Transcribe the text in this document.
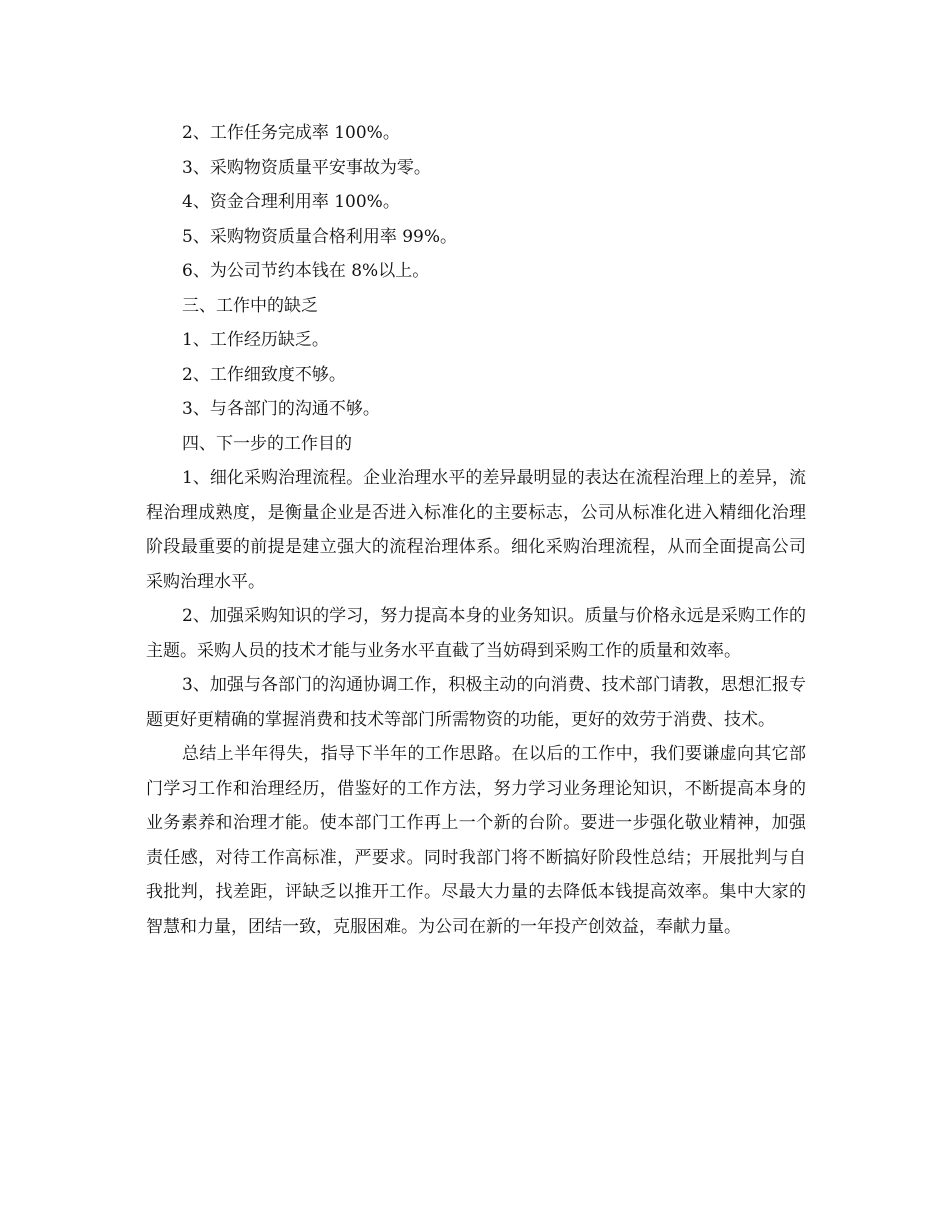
2、工作任务完成率 100%。

3、采购物资质量平安事故为零。

4、资金合理利用率 100%。

5、采购物资质量合格利用率 99%。

6、为公司节约本钱在 8%以上。

三、工作中的缺乏

1、工作经历缺乏。

2、工作细致度不够。

3、与各部门的沟通不够。

四、下一步的工作目的

1、细化采购治理流程。企业治理水平的差异最明显的表达在流程治理上的差异，流程治理成熟度，是衡量企业是否进入标准化的主要标志，公司从标准化进入精细化治理阶段最重要的前提是建立强大的流程治理体系。细化采购治理流程，从而全面提高公司采购治理水平。

2、加强采购知识的学习，努力提高本身的业务知识。质量与价格永远是采购工作的主题。采购人员的技术才能与业务水平直截了当妨碍到采购工作的质量和效率。

3、加强与各部门的沟通协调工作，积极主动的向消费、技术部门请教，思想汇报专题更好更精确的掌握消费和技术等部门所需物资的功能，更好的效劳于消费、技术。

总结上半年得失，指导下半年的工作思路。在以后的工作中，我们要谦虚向其它部门学习工作和治理经历，借鉴好的工作方法，努力学习业务理论知识，不断提高本身的业务素养和治理才能。使本部门工作再上一个新的台阶。要进一步强化敬业精神，加强责任感，对待工作高标准，严要求。同时我部门将不断搞好阶段性总结；开展批判与自我批判，找差距，评缺乏以推开工作。尽最大力量的去降低本钱提高效率。集中大家的智慧和力量，团结一致，克服困难。为公司在新的一年投产创效益，奉献力量。
